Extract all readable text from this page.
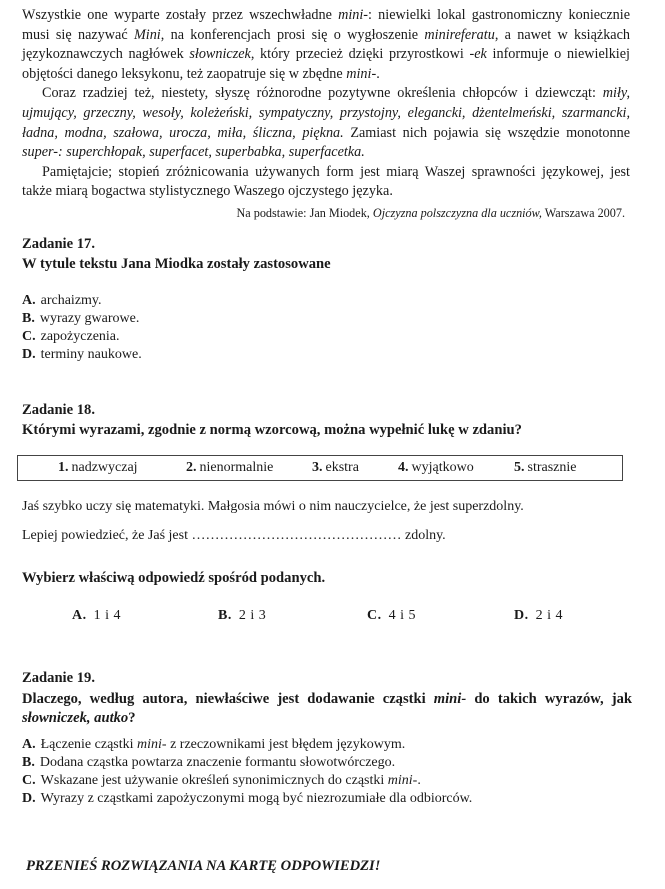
Wszystkie one wyparte zostały przez wszechwładne mini-: niewielki lokal gastronomiczny koniecznie musi się nazywać Mini, na konferencjach prosi się o wygłoszenie minireferatu, a nawet w książkach językoznawczych nagłówek słowniczek, który przecież dzięki przyrostkowi -ek informuje o niewielkiej objętości danego leksykonu, też zaopatruje się w zbędne mini-.

Coraz rzadziej też, niestety, słyszę różnorodne pozytywne określenia chłopców i dziewcząt: miły, ujmujący, grzeczny, wesoły, koleżeński, sympatyczny, przystojny, elegancki, dżentelmeński, szarmancki, ładna, modna, szałowa, urocza, miła, śliczna, piękna. Zamiast nich pojawia się wszędzie monotonne super-: superchłopak, superfacet, superbabka, superfacetka.

Pamiętajcie; stopień zróżnicowania używanych form jest miarą Waszej sprawności językowej, jest także miarą bogactwa stylistycznego Waszego ojczystego języka.

Na podstawie: Jan Miodek, Ojczyzna polszczyzna dla uczniów, Warszawa 2007.
Zadanie 17.
W tytule tekstu Jana Miodka zostały zastosowane
A. archaizmy.
B. wyrazy gwarowe.
C. zapożyczenia.
D. terminy naukowe.
Zadanie 18.
Którymi wyrazami, zgodnie z normą wzorcową, można wypełnić lukę w zdaniu?
1. nadzwyczaj	2. nienormalnie	3. ekstra	4. wyjątkowo	5. strasznie
Jaś szybko uczy się matematyki. Małgosia mówi o nim nauczycielce, że jest superzdolny.
Lepiej powiedzieć, że Jaś jest ……………………………………… zdolny.
Wybierz właściwą odpowiedź spośród podanych.
A. 1 i 4	B. 2 i 3	C. 4 i 5	D. 2 i 4
Zadanie 19.
Dlaczego, według autora, niewłaściwe jest dodawanie cząstki mini- do takich wyrazów, jak słowniczek, autko?
A. Łączenie cząstki mini- z rzeczownikami jest błędem językowym.
B. Dodana cząstka powtarza znaczenie formantu słowotwórczego.
C. Wskazane jest używanie określeń synonimicznych do cząstki mini-.
D. Wyrazy z cząstkami zapożyczonymi mogą być niezrozumiałe dla odbiorców.
PRZENIEŚ ROZWIĄZANIA NA KARTĘ ODPOWIEDZI!
